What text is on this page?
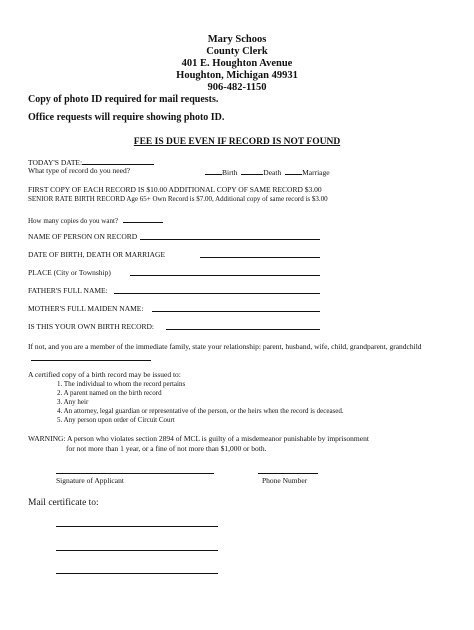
Mary Schoos
County Clerk
401 E. Houghton Avenue
Houghton, Michigan 49931
906-482-1150
Copy of photo ID required for mail requests.
Office requests will require showing photo ID.
FEE IS DUE EVEN IF RECORD IS NOT FOUND
TODAY'S DATE:
What type of record do you need?	Birth	Death	Marriage
FIRST COPY OF EACH RECORD IS $10.00 ADDITIONAL COPY OF SAME RECORD $3.00
SENIOR RATE BIRTH RECORD Age 65+ Own Record is $7.00, Additional copy of same record is $3.00
How many copies do you want?
NAME OF PERSON ON RECORD
DATE OF BIRTH, DEATH OR MARRIAGE
PLACE (City or Township)
FATHER'S FULL NAME:
MOTHER'S FULL MAIDEN NAME:
IS THIS YOUR OWN BIRTH RECORD:
If not, and you are a member of the immediate family, state your relationship: parent, husband, wife, child, grandparent, grandchild
A certified copy of a birth record may be issued to:
1. The individual to whom the record pertains
2. A parent named on the birth record
3. Any heir
4. An attorney, legal guardian or representative of the person, or the heirs when the record is deceased.
5. Any person upon order of Circuit Court
WARNING: A person who violates section 2894 of MCL is guilty of a misdemeanor punishable by imprisonment
for not more than 1 year, or a fine of not more than $1,000 or both.
Signature of Applicant	Phone Number
Mail certificate to:
